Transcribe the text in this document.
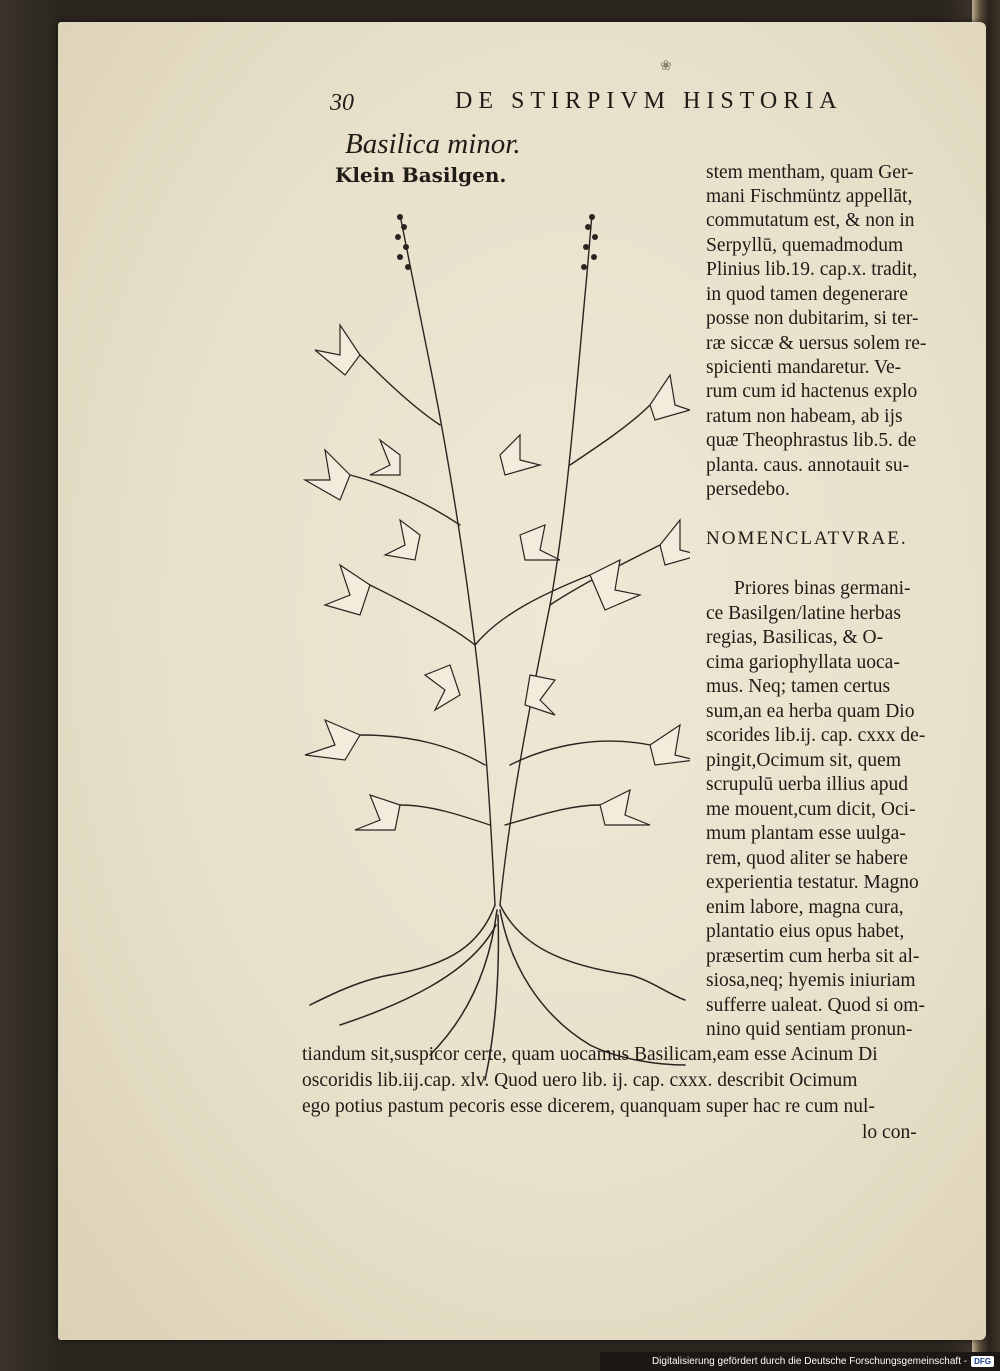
❀
30	DE STIRPIVM HISTORIA
Basilica minor.
Klein Basilgen.	stem mentham, quam Ger-
mani Fischmüntz appellāt,
commutatum est, & non in
Serpyllū, quemadmodum
Plinius lib.19. cap.x. tradit,
in quod tamen degenerare
posse non dubitarim, si ter-
ræ siccæ & uersus solem re-
spicienti mandaretur. Ve-
rum cum id hactenus explo
ratum non habeam, ab ijs
quæ Theophrastus lib.5. de
planta. caus. annotauit su-
persedebo.
NOMENCLATVRAE.
Priores binas germani-
ce Basilgen/latine herbas
regias, Basilicas, & O-
cima gariophyllata uoca-
mus. Neq; tamen certus
sum,an ea herba quam Dio
scorides lib.ij. cap. cxxx de-
pingit,Ocimum sit, quem
scrupulū uerba illius apud
me mouent,cum dicit, Oci-
mum plantam esse uulga-
rem, quod aliter se habere
experientia testatur. Magno
enim labore, magna cura,
plantatio eius opus habet,
præsertim cum herba sit al-
siosa,neq; hyemis iniuriam
sufferre ualeat. Quod si om-
nino quid sentiam pronun-
tiandum sit,suspicor certe, quam uocamus Basilicam,eam esse Acinum Di
oscoridis lib.iij.cap. xlv. Quod uero lib. ij. cap. cxxx. describit Ocimum
ego potius pastum pecoris esse dicerem, quanquam super hac re cum nul-
lo con-
Digitalisierung gefördert durch die Deutsche Forschungsgemeinschaft - DFG
